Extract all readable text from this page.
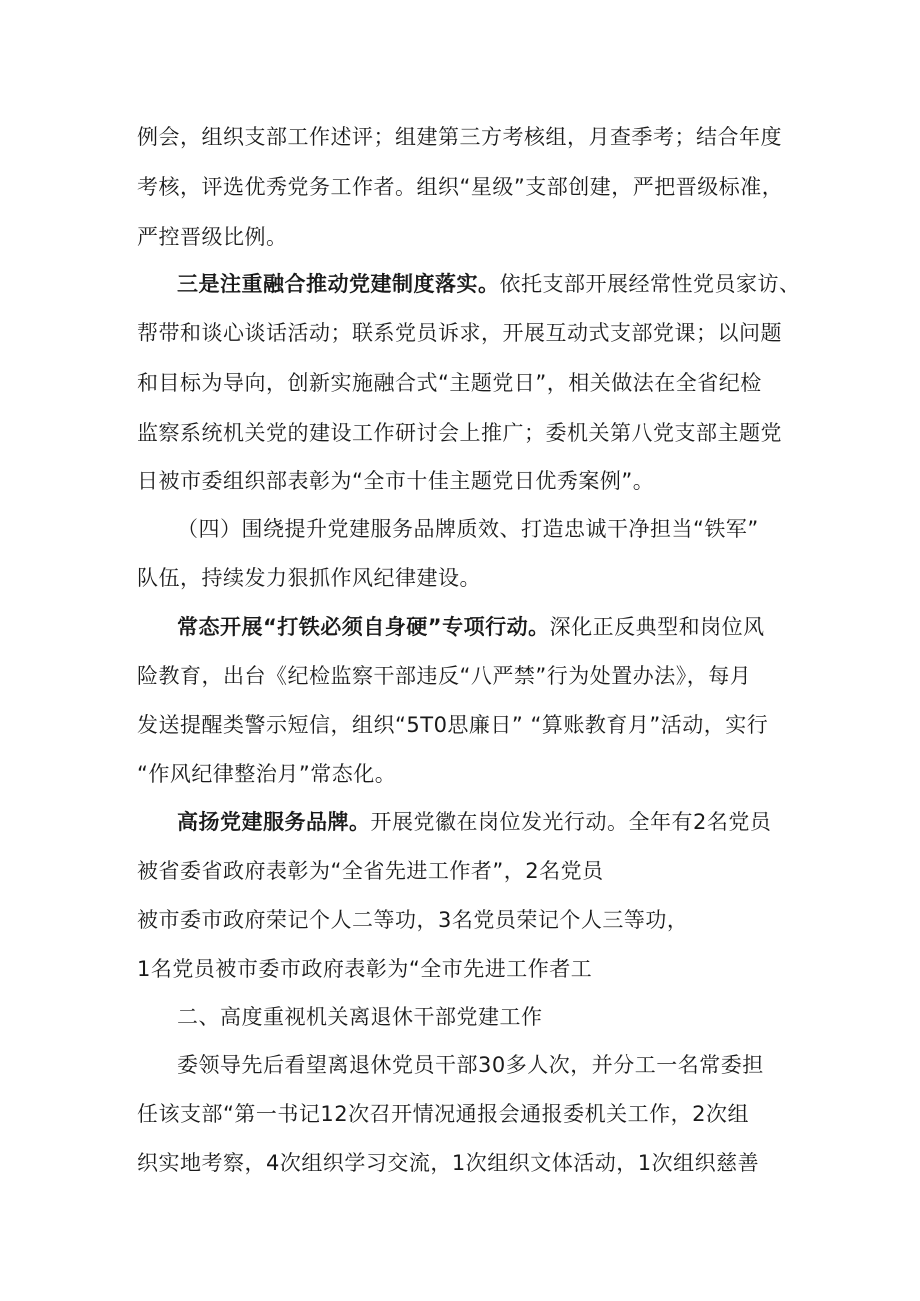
例会，组织支部工作述评；组建第三方考核组，月查季考；结合年度
考核，评选优秀党务工作者。组织“星级”支部创建，严把晋级标准，
严控晋级比例。
三是注重融合推动党建制度落实。依托支部开展经常性党员家访、
帮带和谈心谈话活动；联系党员诉求，开展互动式支部党课；以问题
和目标为导向，创新实施融合式“主题党日”，相关做法在全省纪检
监察系统机关党的建设工作研讨会上推广；委机关第八党支部主题党
日被市委组织部表彰为“全市十佳主题党日优秀案例”。
（四）围绕提升党建服务品牌质效、打造忠诚干净担当“铁军”
队伍，持续发力狠抓作风纪律建设。
常态开展“打铁必须自身硬”专项行动。深化正反典型和岗位风
险教育，出台《纪检监察干部违反“八严禁”行为处置办法》，每月
发送提醒类警示短信，组织“5T0思廉日” “算账教育月”活动，实行
“作风纪律整治月”常态化。
高扬党建服务品牌。开展党徽在岗位发光行动。全年有2名党员
被省委省政府表彰为“全省先进工作者”，2名党员
被市委市政府荣记个人二等功，3名党员荣记个人三等功，
1名党员被市委市政府表彰为“全市先进工作者工
二、高度重视机关离退休干部党建工作
委领导先后看望离退休党员干部30多人次，并分工一名常委担
任该支部“第一书记12次召开情况通报会通报委机关工作，2次组
织实地考察，4次组织学习交流，1次组织文体活动，1次组织慈善
